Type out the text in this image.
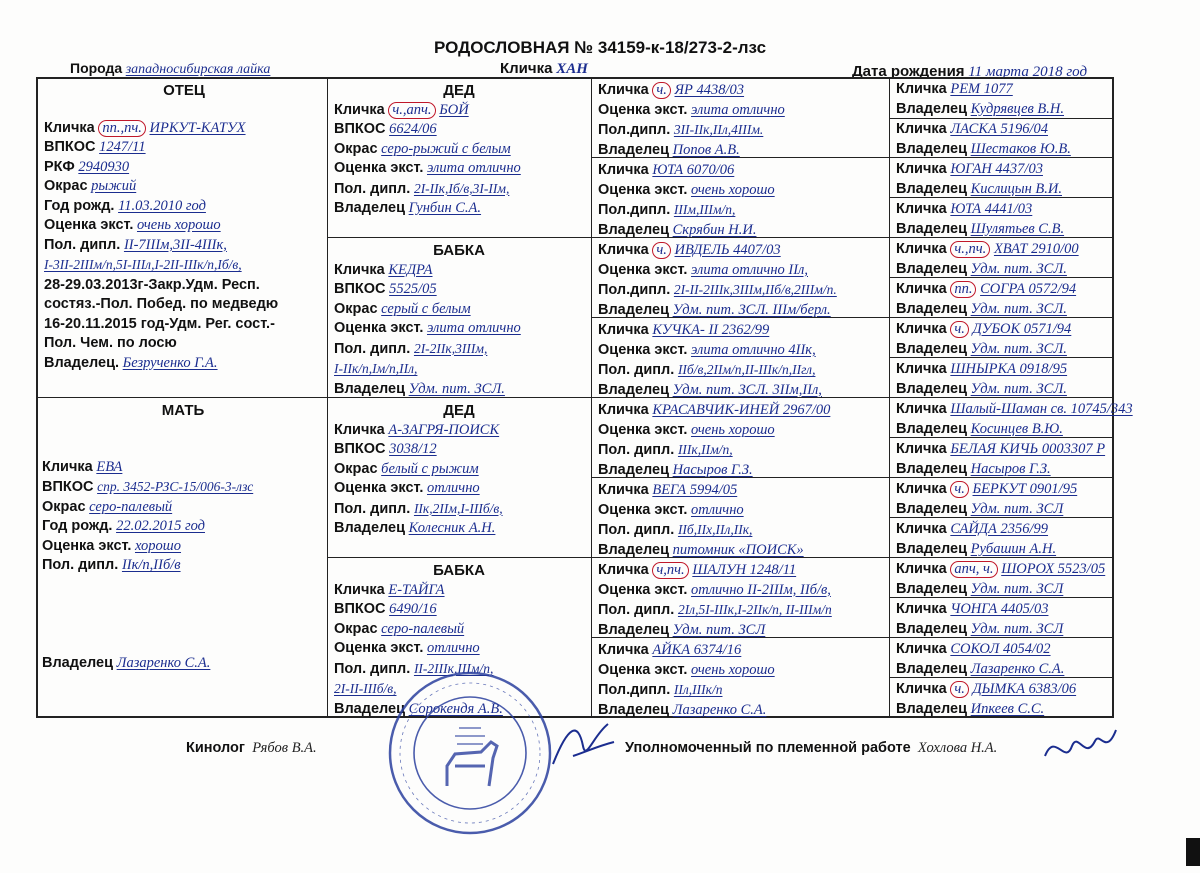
РОДОСЛОВНАЯ № 34159-к-18/273-2-лзс
Порода западносибирская лайка	Кличка ХАН	Дата рождения 11 марта 2018 год
ОТЕЦ
Кличка пп.,пч. ИРКУТ-КАТУХ
ВПКОС 1247/11
РКФ 2940930
Окрас рыжий
Год рожд. 11.03.2010 год
Оценка экст. очень хорошо
Пол. дипл. II-7IIIм,3II-4IIIк,
I-3II-2IIIм/п,5I-IIIл,I-2II-IIIк/п,Iб/в,
28-29.03.2013г-Закр.Удм. Респ.
состяз.-Пол. Побед. по медведю
16-20.11.2015 год-Удм. Рег. сост.-
Пол. Чем. по лосю
Владелец. Безрученко Г.А.
МАТЬ
Кличка ЕВА
ВПКОС спр. 3452-РЗС-15/006-3-лзс
Окрас серо-палевый
Год рожд. 22.02.2015 год
Оценка экст. хорошо
Пол. дипл. IIк/п,IIб/в
Владелец Лазаренко С.А.
ДЕД
Кличка ч.,апч. БОЙ
ВПКОС 6624/06
Окрас серо-рыжий с белым
Оценка экст. элита отлично
Пол. дипл. 2I-IIк,Iб/в,3I-IIм,
Владелец Гунбин С.А.
БАБКА
Кличка КЕДРА
ВПКОС 5525/05
Окрас серый с белым
Оценка экст. элита отлично
Пол. дипл. 2I-2IIк,3IIIм,
I-IIк/п,Iм/п,IIл,
Владелец Удм. пит. ЗСЛ.
ДЕД
Кличка А-ЗАГРЯ-ПОИСК
ВПКОС 3038/12
Окрас белый с рыжим
Оценка экст. отлично
Пол. дипл. IIк,2IIм,I-IIIб/в,
Владелец Колесник А.Н.
БАБКА
Кличка Е-ТАЙГА
ВПКОС 6490/16
Окрас серо-палевый
Оценка экст. отлично
Пол. дипл. II-2IIIк,IIIм/п,
2I-II-IIIб/в,
Владелец Сорокендя А.В.
Кличка ч. ЯР 4438/03
Оценка экст. элита отлично
Пол.дипл. 3II-IIк,IIл,4IIIм.
Владелец Попов А.В.
Кличка ЮТА 6070/06
Оценка экст. очень хорошо
Пол.дипл. IIIм,IIIм/п,
Владелец Скрябин Н.И.
Кличка ч. ИВДЕЛЬ 4407/03
Оценка экст. элита отлично IIл,
Пол.дипл. 2I-II-2IIIк,3IIIм,IIб/в,2IIIм/п.
Владелец Удм. пит. ЗСЛ. IIIм/берл.
Кличка КУЧКА- II 2362/99
Оценка экст. элита отлично 4IIк,
Пол. дипл. IIб/в,2IIм/п,II-IIIк/п,IIгл,
Владелец Удм. пит. ЗСЛ. 3IIм,IIл,
Кличка КРАСАВЧИК-ИНЕЙ 2967/00
Оценка экст. очень хорошо
Пол. дипл. IIIк,IIм/п,
Владелец Насыров Г.З.
Кличка ВЕГА 5994/05
Оценка экст. отлично
Пол. дипл. IIб,IIх,IIл,IIк,
Владелец питомник «ПОИСК»
Кличка ч,пч. ШАЛУН 1248/11
Оценка экст. отлично II-2IIIм, IIб/в,
Пол. дипл. 2Iл,5I-IIIк,I-2IIк/п, II-IIIм/п
Владелец Удм. пит. ЗСЛ
Кличка АЙКА 6374/16
Оценка экст. очень хорошо
Пол.дипл. IIл,IIIк/п
Владелец Лазаренко С.А.
Кличка РЕМ 1077
Владелец Кудрявцев В.Н.
Кличка ЛАСКА 5196/04
Владелец Шестаков Ю.В.
Кличка ЮГАН 4437/03
Владелец Кислицын В.И.
Кличка ЮТА 4441/03
Владелец Шулятьев С.В.
Кличка ч.,пч. ХВАТ 2910/00
Владелец Удм. пит. ЗСЛ.
Кличка пп. СОГРА 0572/94
Владелец Удм. пит. ЗСЛ.
Кличка ч. ДУБОК 0571/94
Владелец Удм. пит. ЗСЛ.
Кличка ШНЫРКА 0918/95
Владелец Удм. пит. ЗСЛ.
Кличка Шалый-Шаман св. 10745/343
Владелец Косинцев В.Ю.
Кличка БЕЛАЯ КИЧЬ 0003307 Р
Владелец Насыров Г.З.
Кличка ч. БЕРКУТ 0901/95
Владелец Удм. пит. ЗСЛ
Кличка САЙДА 2356/99
Владелец Рубашин А.Н.
Кличка апч, ч. ШОРОХ 5523/05
Владелец Удм. пит. ЗСЛ
Кличка ЧОНГА 4405/03
Владелец Удм. пит. ЗСЛ
Кличка СОКОЛ 4054/02
Владелец Лазаренко С.А.
Кличка ч. ДЫМКА 6383/06
Владелец Ипкеев С.С.
Кинолог Рябов В.А.	Уполномоченный по племенной работе Хохлова Н.А.
